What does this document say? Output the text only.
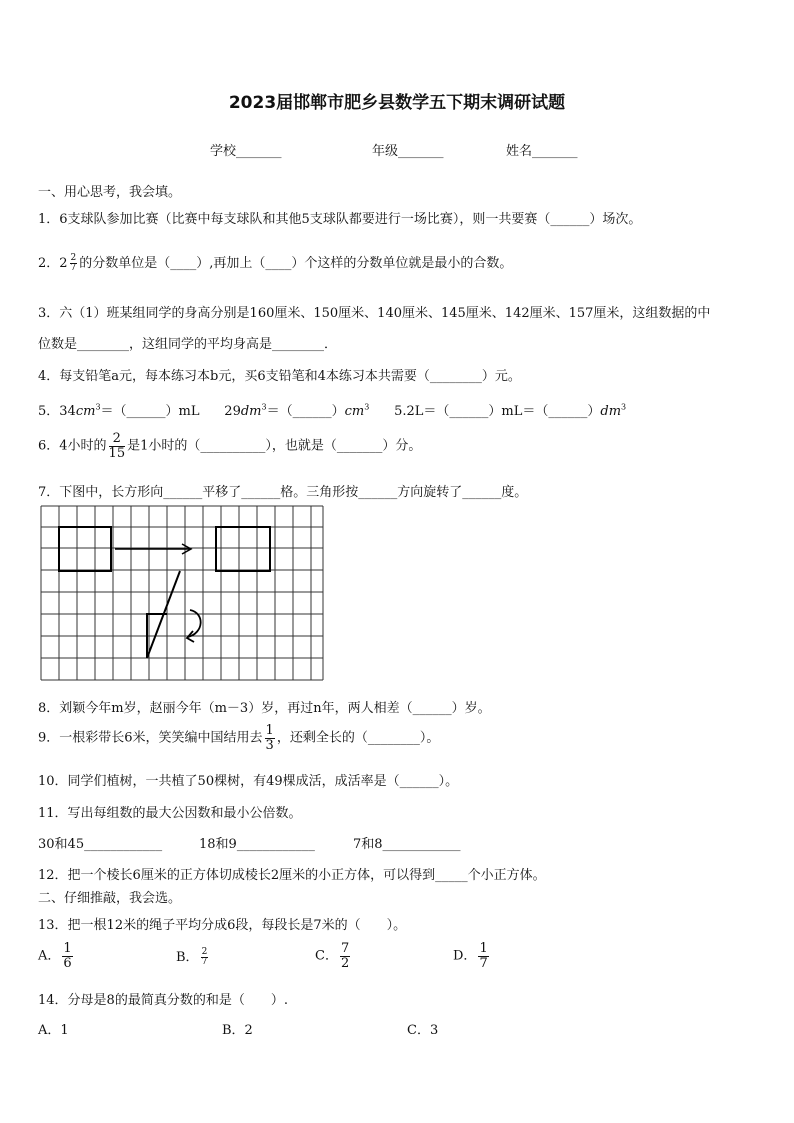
2023届邯郸市肥乡县数学五下期末调研试题
学校_______	年级_______	姓名_______
一、用心思考，我会填。
1．6支球队参加比赛（比赛中每支球队和其他5支球队都要进行一场比赛），则一共要赛（______）场次。
2．$2 \frac{2}{7}$ 的分数单位是（____）,再加上（____）个这样的分数单位就是最小的合数。
3．六（1）班某组同学的身高分别是160厘米、150厘米、140厘米、145厘米、142厘米、157厘米，这组数据的中
位数是________，这组同学的平均身高是________．
4．每支铅笔a元，每本练习本b元，买6支铅笔和4本练习本共需要（________）元。
5．$34cm^3=(\_\_\_\_\_\_)mL$ $29dm^3=(\_\_\_\_\_\_)cm^3$ $5.2L=(\_\_\_\_\_\_)mL=(\_\_\_\_\_\_)dm^3$
6．4小时的 $\frac{2}{15}$ 是1小时的（__________），也就是（_______）分。
7．下图中，长方形向______平移了______格。三角形按______方向旋转了______度。
8．刘颖今年m岁，赵丽今年（m－3）岁，再过n年，两人相差（______）岁。
9．一根彩带长6米，笑笑编中国结用去 $\frac{1}{3}$ ，还剩全长的（________）。
10．同学们植树，一共植了50棵树，有49棵成活，成活率是（______）。
11．写出每组数的最大公因数和最小公倍数。
30和45____________	18和9____________	7和8____________
12．把一个棱长6厘米的正方体切成棱长2厘米的小正方体，可以得到_____个小正方体。
二、仔细推敲，我会选。
13．把一根12米的绳子平均分成6段，每段长是7米的（　　）。
A． $\frac{1}{6}$	B． $\frac{2}{7}$	C． $\frac{7}{2}$	D． $\frac{1}{7}$
14．分母是8的最简真分数的和是（　　）.
A．1	B．2	C．3
